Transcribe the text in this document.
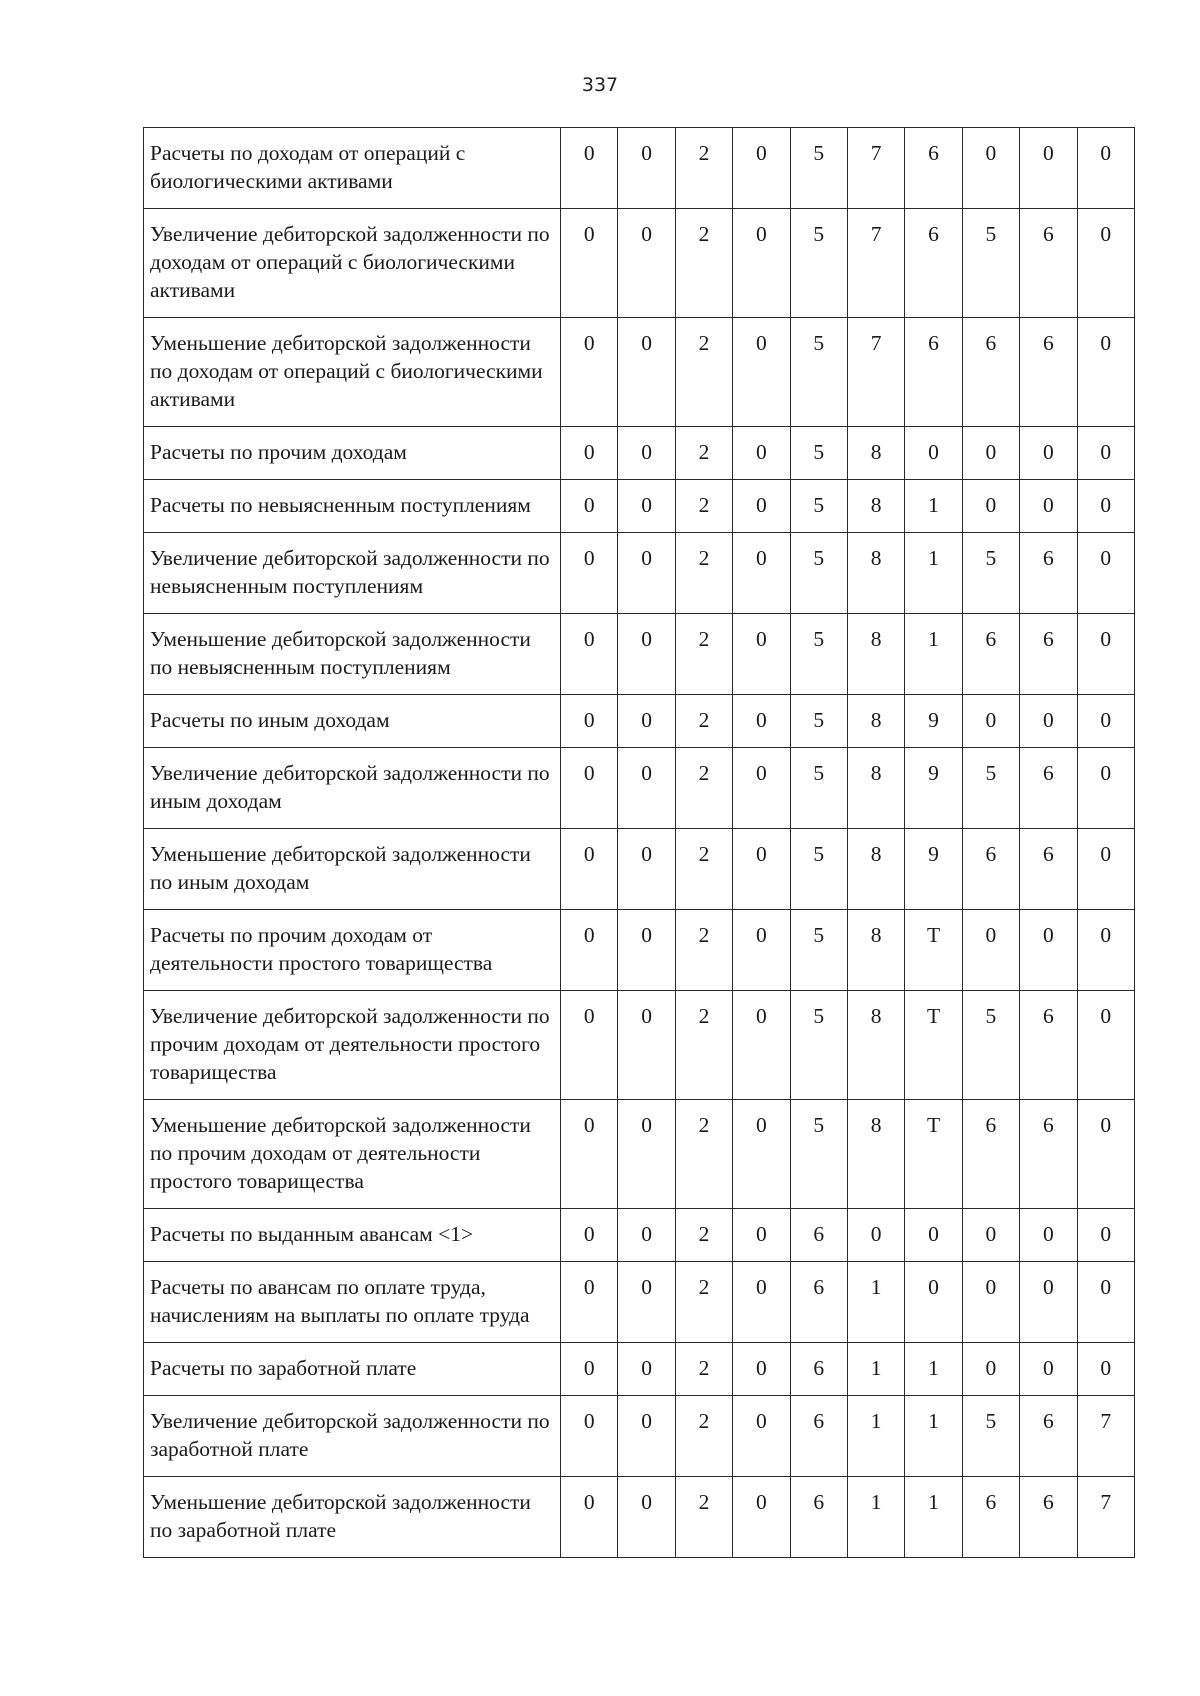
337
Расчеты по доходам от операций с биологическими активами	0	0	2	0	5	7	6	0	0	0
Увеличение дебиторской задолженности по доходам от операций с биологическими активами	0	0	2	0	5	7	6	5	6	0
Уменьшение дебиторской задолженности по доходам от операций с биологическими активами	0	0	2	0	5	7	6	6	6	0
Расчеты по прочим доходам	0	0	2	0	5	8	0	0	0	0
Расчеты по невыясненным поступлениям	0	0	2	0	5	8	1	0	0	0
Увеличение дебиторской задолженности по невыясненным поступлениям	0	0	2	0	5	8	1	5	6	0
Уменьшение дебиторской задолженности по невыясненным поступлениям	0	0	2	0	5	8	1	6	6	0
Расчеты по иным доходам	0	0	2	0	5	8	9	0	0	0
Увеличение дебиторской задолженности по иным доходам	0	0	2	0	5	8	9	5	6	0
Уменьшение дебиторской задолженности по иным доходам	0	0	2	0	5	8	9	6	6	0
Расчеты по прочим доходам от деятельности простого товарищества	0	0	2	0	5	8	Т	0	0	0
Увеличение дебиторской задолженности по прочим доходам от деятельности простого товарищества	0	0	2	0	5	8	Т	5	6	0
Уменьшение дебиторской задолженности по прочим доходам от деятельности простого товарищества	0	0	2	0	5	8	Т	6	6	0
Расчеты по выданным авансам <1>	0	0	2	0	6	0	0	0	0	0
Расчеты по авансам по оплате труда, начислениям на выплаты по оплате труда	0	0	2	0	6	1	0	0	0	0
Расчеты по заработной плате	0	0	2	0	6	1	1	0	0	0
Увеличение дебиторской задолженности по заработной плате	0	0	2	0	6	1	1	5	6	7
Уменьшение дебиторской задолженности по заработной плате	0	0	2	0	6	1	1	6	6	7
